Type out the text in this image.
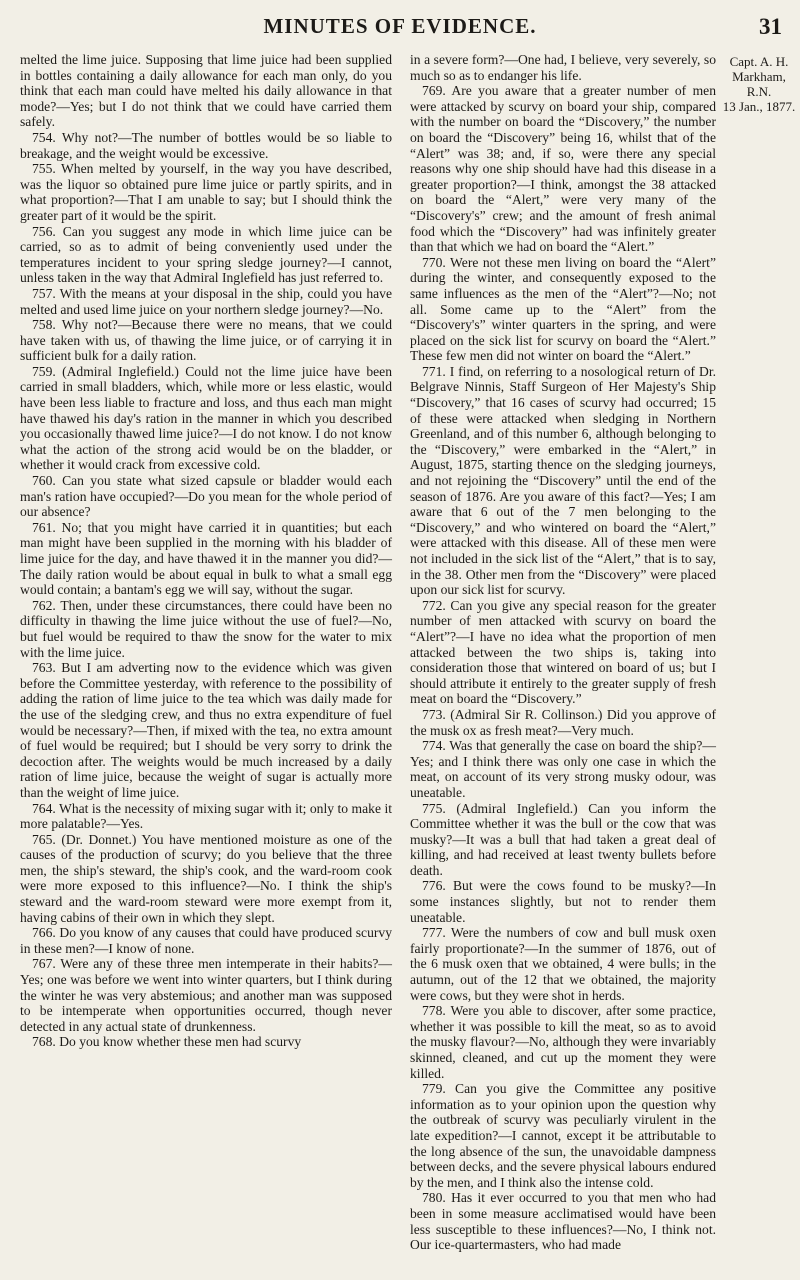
MINUTES OF EVIDENCE.	31

melted the lime juice. Supposing that lime juice had been supplied in bottles containing a daily allowance for each man only, do you think that each man could have melted his daily allowance in that mode?—Yes; but I do not think that we could have carried them safely.

754. Why not?—The number of bottles would be so liable to breakage, and the weight would be excessive.

755. When melted by yourself, in the way you have described, was the liquor so obtained pure lime juice or partly spirits, and in what proportion?—That I am unable to say; but I should think the greater part of it would be the spirit.

756. Can you suggest any mode in which lime juice can be carried, so as to admit of being conveniently used under the temperatures incident to your spring sledge journey?—I cannot, unless taken in the way that Admiral Inglefield has just referred to.

757. With the means at your disposal in the ship, could you have melted and used lime juice on your northern sledge journey?—No.

758. Why not?—Because there were no means, that we could have taken with us, of thawing the lime juice, or of carrying it in sufficient bulk for a daily ration.

759. (Admiral Inglefield.) Could not the lime juice have been carried in small bladders, which, while more or less elastic, would have been less liable to fracture and loss, and thus each man might have thawed his day's ration in the manner in which you described you occasionally thawed lime juice?—I do not know. I do not know what the action of the strong acid would be on the bladder, or whether it would crack from excessive cold.

760. Can you state what sized capsule or bladder would each man's ration have occupied?—Do you mean for the whole period of our absence?

761. No; that you might have carried it in quantities; but each man might have been supplied in the morning with his bladder of lime juice for the day, and have thawed it in the manner you did?—The daily ration would be about equal in bulk to what a small egg would contain; a bantam's egg we will say, without the sugar.

762. Then, under these circumstances, there could have been no difficulty in thawing the lime juice without the use of fuel?—No, but fuel would be required to thaw the snow for the water to mix with the lime juice.

763. But I am adverting now to the evidence which was given before the Committee yesterday, with reference to the possibility of adding the ration of lime juice to the tea which was daily made for the use of the sledging crew, and thus no extra expenditure of fuel would be necessary?—Then, if mixed with the tea, no extra amount of fuel would be required; but I should be very sorry to drink the decoction after. The weights would be much increased by a daily ration of lime juice, because the weight of sugar is actually more than the weight of lime juice.

764. What is the necessity of mixing sugar with it; only to make it more palatable?—Yes.

765. (Dr. Donnet.) You have mentioned moisture as one of the causes of the production of scurvy; do you believe that the three men, the ship's steward, the ship's cook, and the ward-room cook were more exposed to this influence?—No. I think the ship's steward and the ward-room steward were more exempt from it, having cabins of their own in which they slept.

766. Do you know of any causes that could have produced scurvy in these men?—I know of none.

767. Were any of these three men intemperate in their habits?—Yes; one was before we went into winter quarters, but I think during the winter he was very abstemious; and another man was supposed to be intemperate when opportunities occurred, though never detected in any actual state of drunkenness.

768. Do you know whether these men had scurvy

in a severe form?—One had, I believe, very severely, so much so as to endanger his life.

769. Are you aware that a greater number of men were attacked by scurvy on board your ship, compared with the number on board the “Discovery,” the number on board the “Discovery” being 16, whilst that of the “Alert” was 38; and, if so, were there any special reasons why one ship should have had this disease in a greater proportion?—I think, amongst the 38 attacked on board the “Alert,” were very many of the “Discovery's” crew; and the amount of fresh animal food which the “Discovery” had was infinitely greater than that which we had on board the “Alert.”

770. Were not these men living on board the “Alert” during the winter, and consequently exposed to the same influences as the men of the “Alert”?—No; not all. Some came up to the “Alert” from the “Discovery's” winter quarters in the spring, and were placed on the sick list for scurvy on board the “Alert.” These few men did not winter on board the “Alert.”

771. I find, on referring to a nosological return of Dr. Belgrave Ninnis, Staff Surgeon of Her Majesty's Ship “Discovery,” that 16 cases of scurvy had occurred; 15 of these were attacked when sledging in Northern Greenland, and of this number 6, although belonging to the “Discovery,” were embarked in the “Alert,” in August, 1875, starting thence on the sledging journeys, and not rejoining the “Discovery” until the end of the season of 1876. Are you aware of this fact?—Yes; I am aware that 6 out of the 7 men belonging to the “Discovery,” and who wintered on board the “Alert,” were attacked with this disease. All of these men were not included in the sick list of the “Alert,” that is to say, in the 38. Other men from the “Discovery” were placed upon our sick list for scurvy.

772. Can you give any special reason for the greater number of men attacked with scurvy on board the “Alert”?—I have no idea what the proportion of men attacked between the two ships is, taking into consideration those that wintered on board of us; but I should attribute it entirely to the greater supply of fresh meat on board the “Discovery.”

773. (Admiral Sir R. Collinson.) Did you approve of the musk ox as fresh meat?—Very much.

774. Was that generally the case on board the ship?—Yes; and I think there was only one case in which the meat, on account of its very strong musky odour, was uneatable.

775. (Admiral Inglefield.) Can you inform the Committee whether it was the bull or the cow that was musky?—It was a bull that had taken a great deal of killing, and had received at least twenty bullets before death.

776. But were the cows found to be musky?—In some instances slightly, but not to render them uneatable.

777. Were the numbers of cow and bull musk oxen fairly proportionate?—In the summer of 1876, out of the 6 musk oxen that we obtained, 4 were bulls; in the autumn, out of the 12 that we obtained, the majority were cows, but they were shot in herds.

778. Were you able to discover, after some practice, whether it was possible to kill the meat, so as to avoid the musky flavour?—No, although they were invariably skinned, cleaned, and cut up the moment they were killed.

779. Can you give the Committee any positive information as to your opinion upon the question why the outbreak of scurvy was peculiarly virulent in the late expedition?—I cannot, except it be attributable to the long absence of the sun, the unavoidable dampness between decks, and the severe physical labours endured by the men, and I think also the intense cold.

780. Has it ever occurred to you that men who had been in some measure acclimatised would have been less susceptible to these influences?—No, I think not. Our ice-quartermasters, who had made

Capt. A. H. Markham, R.N.
13 Jan., 1877.
